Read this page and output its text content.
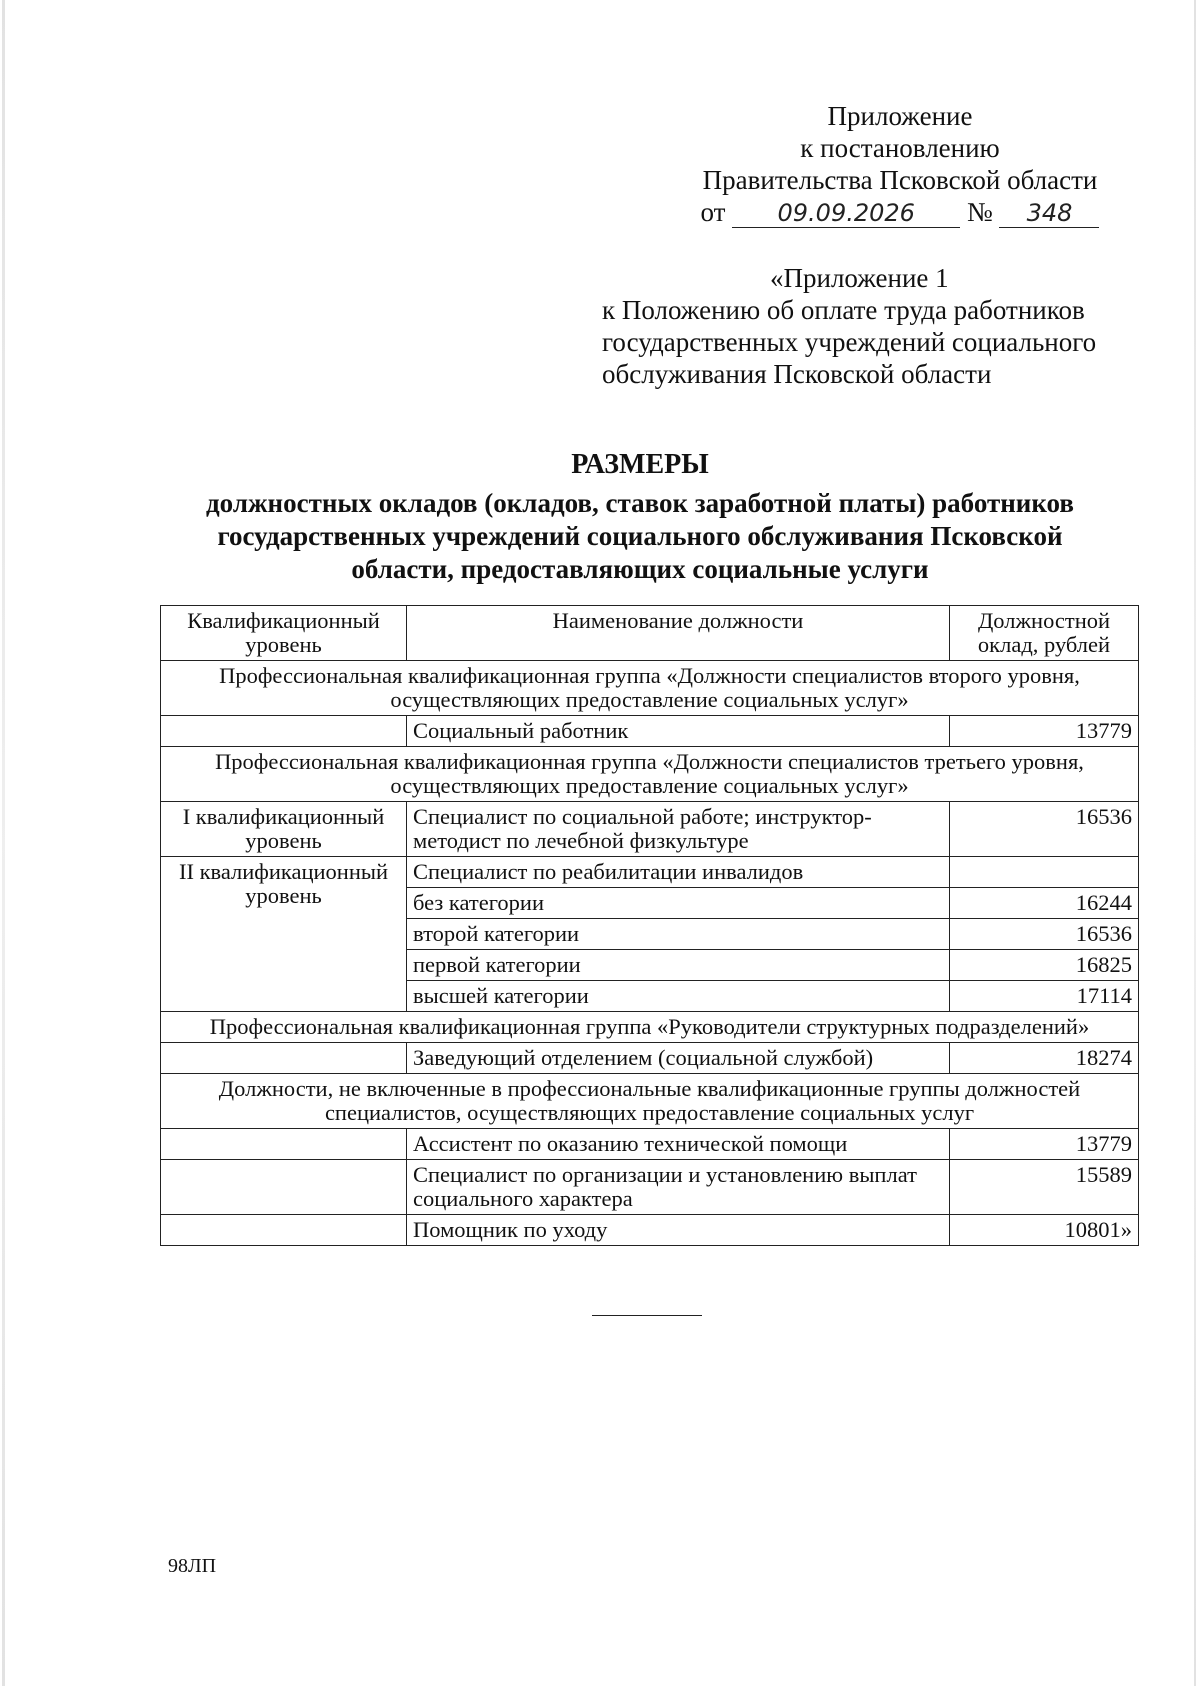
Приложение
к постановлению
Правительства Псковской области
от 09.09.2026 № 348
«Приложение 1
к Положению об оплате труда работников
государственных учреждений социального
обслуживания Псковской области
РАЗМЕРЫ
должностных окладов (окладов, ставок заработной платы) работников
государственных учреждений социального обслуживания Псковской
области, предоставляющих социальные услуги
Квалификационный уровень	Наименование должности	Должностной оклад, рублей
Профессиональная квалификационная группа «Должности специалистов второго уровня, осуществляющих предоставление социальных услуг»		
	Социальный работник	13779
Профессиональная квалификационная группа «Должности специалистов третьего уровня, осуществляющих предоставление социальных услуг»		
I квалификационный уровень	Специалист по социальной работе; инструктор-методист по лечебной физкультуре	16536
II квалификационный уровень	Специалист по реабилитации инвалидов	
	без категории	16244
	второй категории	16536
	первой категории	16825
	высшей категории	17114
Профессиональная квалификационная группа «Руководители структурных подразделений»		
	Заведующий отделением (социальной службой)	18274
Должности, не включенные в профессиональные квалификационные группы должностей специалистов, осуществляющих предоставление социальных услуг		
	Ассистент по оказанию технической помощи	13779
	Специалист по организации и установлению выплат социального характера	15589
	Помощник по уходу	10801»
98ЛП
